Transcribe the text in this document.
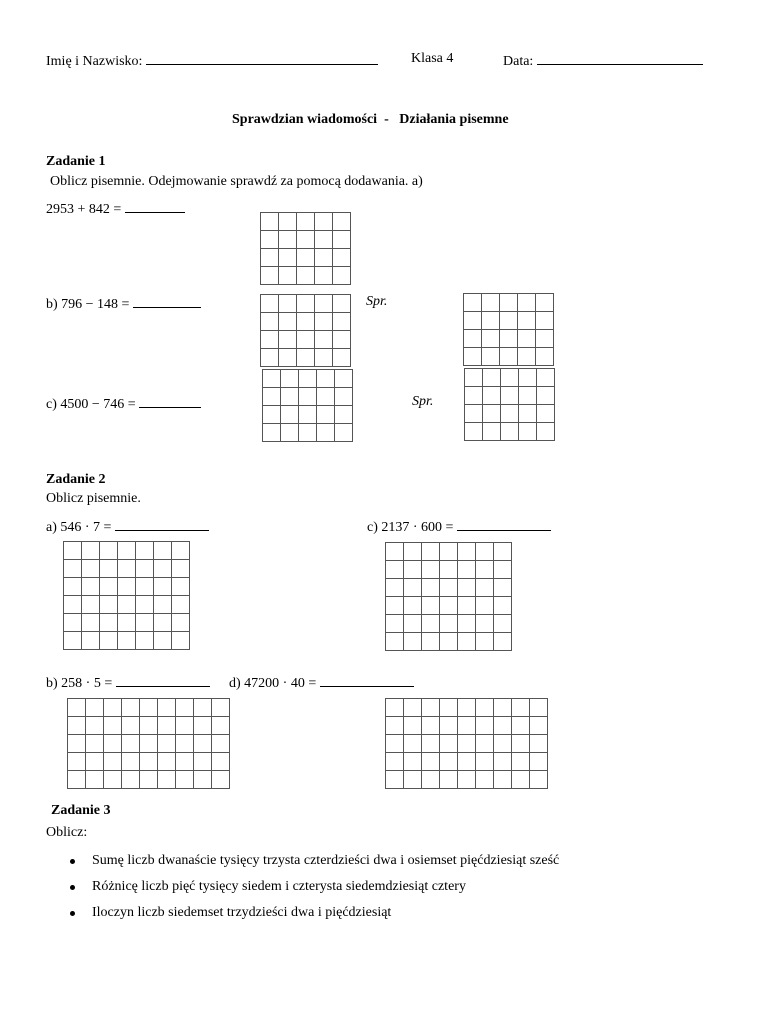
Imię i Nazwisko:	Klasa 4	Data:
Sprawdzian wiadomości - Działania pisemne
Zadanie 1
Oblicz pisemnie. Odejmowanie sprawdź za pomocą dodawania. a)
2953 + 842 =

b) 796 − 148 =

					Spr.

c) 4500 − 746 =

					Spr.

Zadanie 2
Oblicz pisemnie.
a) 546 · 7 =	c) 2137 · 600 =

b) 258 · 5 =	d) 47200 · 40 =

Zadanie 3
Oblicz:
Sumę liczb dwanaście tysięcy trzysta czterdzieści dwa i osiemset pięćdziesiąt sześć
Różnicę liczb pięć tysięcy siedem i czterysta siedemdziesiąt cztery
Iloczyn liczb siedemset trzydzieści dwa i pięćdziesiąt
